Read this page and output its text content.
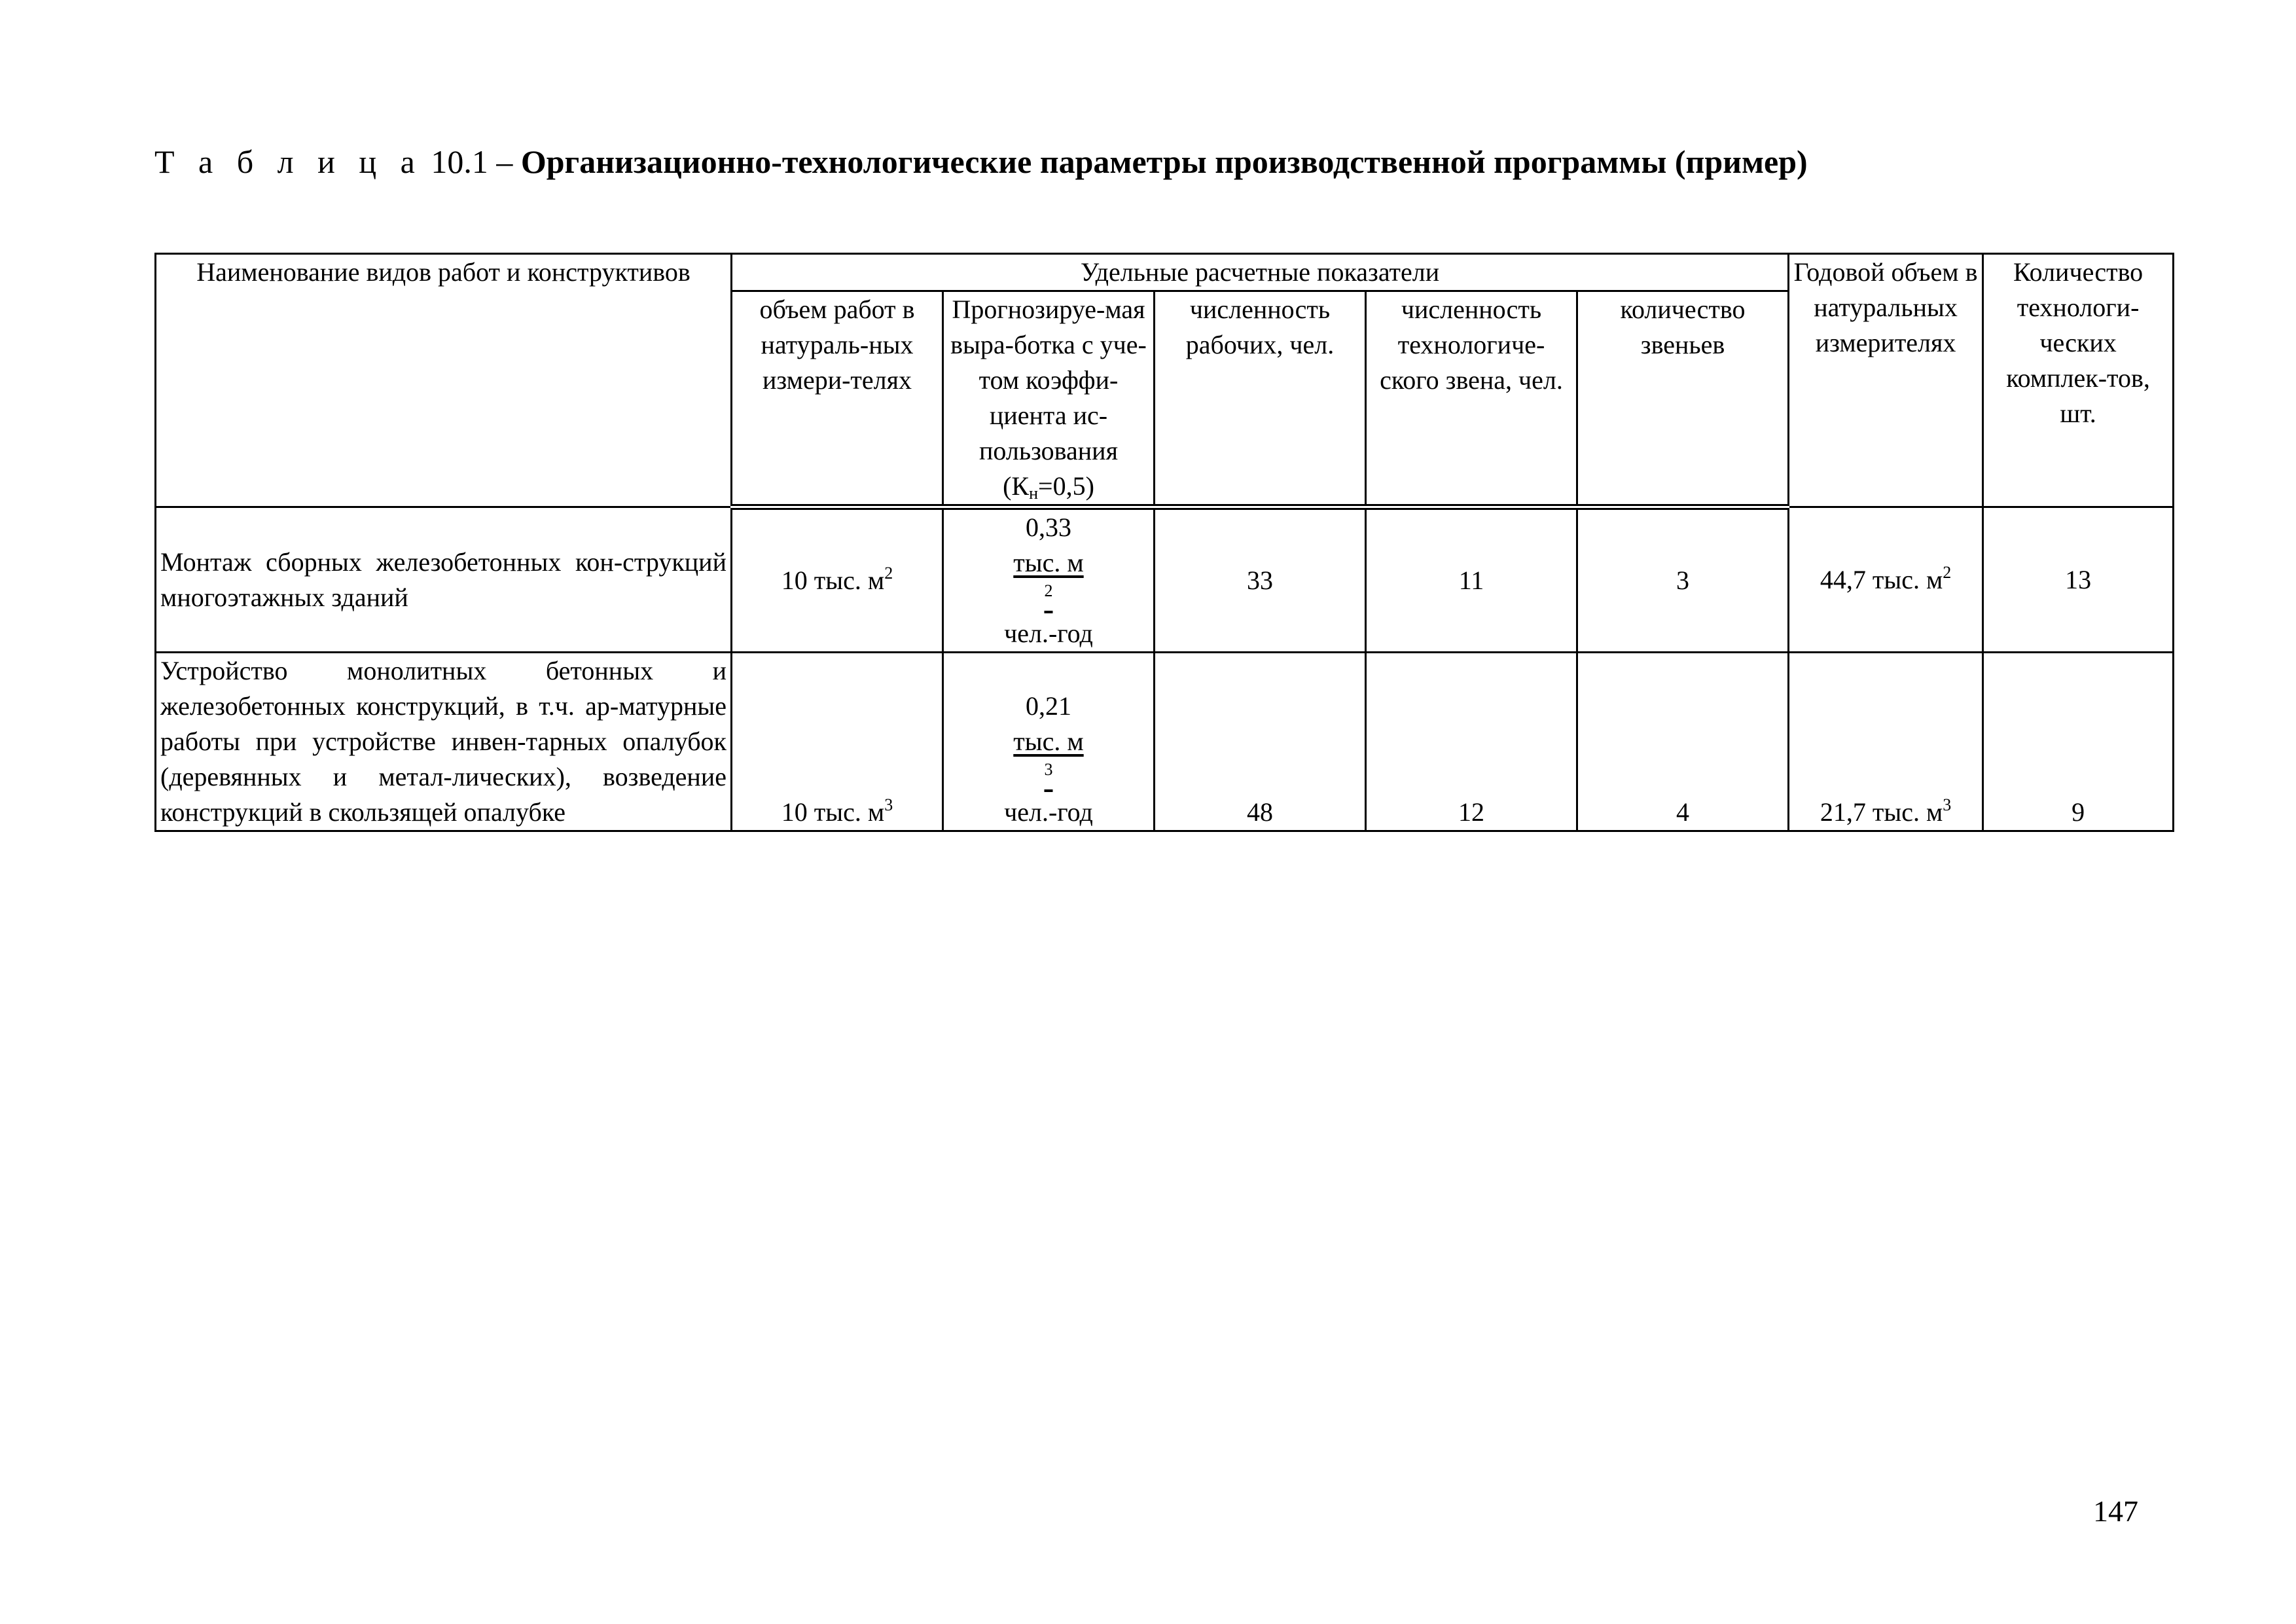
Т а б л и ц а 10.1 – Организационно-технологические параметры производственной программы (пример)
Наименование видов работ и конструктивов	Удельные расчетные показатели					Годовой объем в натуральных измерителях	Количество технологи-ческих комплек-тов, шт.
	объем работ в натураль-ных измери-телях	Прогнозируе-мая выра-ботка с уче-том коэффи-циента ис-пользования $(К_н=0,5)$	численность рабочих, чел.	численность технологиче-ского звена, чел.	количество звеньев		
Монтаж сборных железобетонных кон-струкций многоэтажных зданий	10 тыс. $м^2$	0,33
тыс. м
$^2$
чел.-год	33	11	3	44,7 тыс. $м^2$	13
Устройство монолитных бетонных и железобетонных конструкций, в т.ч. ар-матурные работы при устройстве инвен-тарных опалубок (деревянных и метал-лических), возведение конструкций в скользящей опалубке	10 тыс. $м^3$	0,21
тыс. м
$^3$
чел.-год	48	12	4	21,7 тыс. $м^3$	9
147
